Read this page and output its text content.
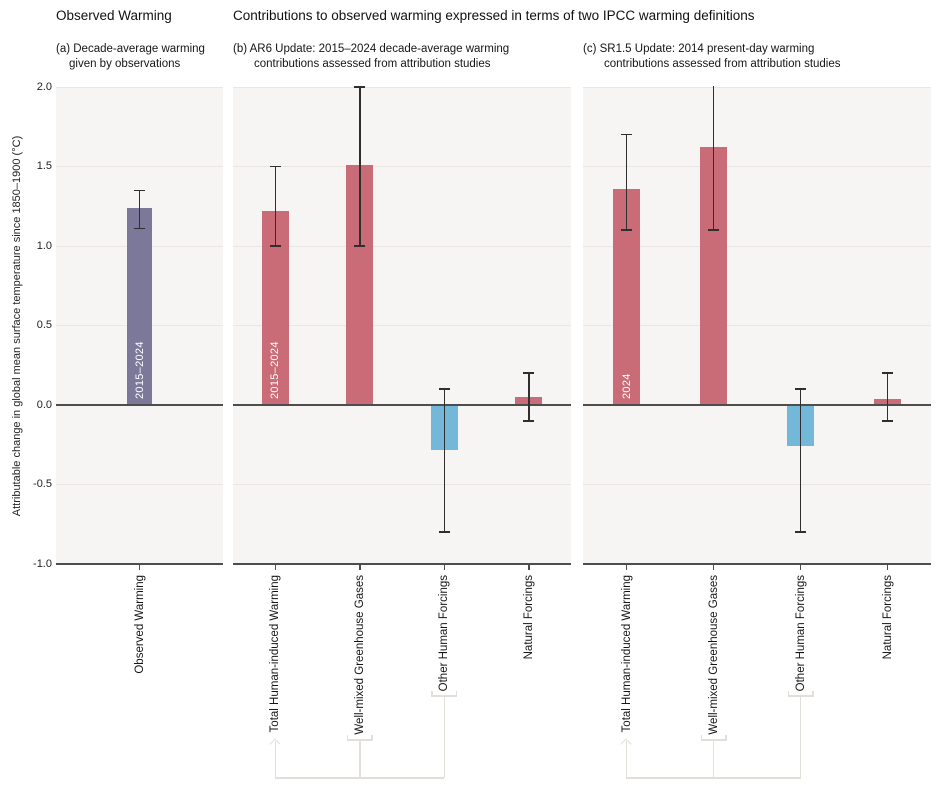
Observed Warming	Contributions to observed warming expressed in terms of two IPCC warming definitions
(a) Decade-average warming
given by observations
(b) AR6 Update: 2015–2024 decade-average warming
contributions assessed from attribution studies
(c) SR1.5 Update: 2014 present-day warming
contributions assessed from attribution studies
Attributable change in global mean surface temperature since 1850–1900 (°C)
2.0
1.5
1.0
0.5
0.0
-0.5
-1.0
2015–2024
Observed Warming
2015–2024
Total Human-induced Warming	Well-mixed Greenhouse Gases	Other Human Forcings	Natural Forcings
2024
Total Human-induced Warming	Well-mixed Greenhouse Gases	Other Human Forcings	Natural Forcings
